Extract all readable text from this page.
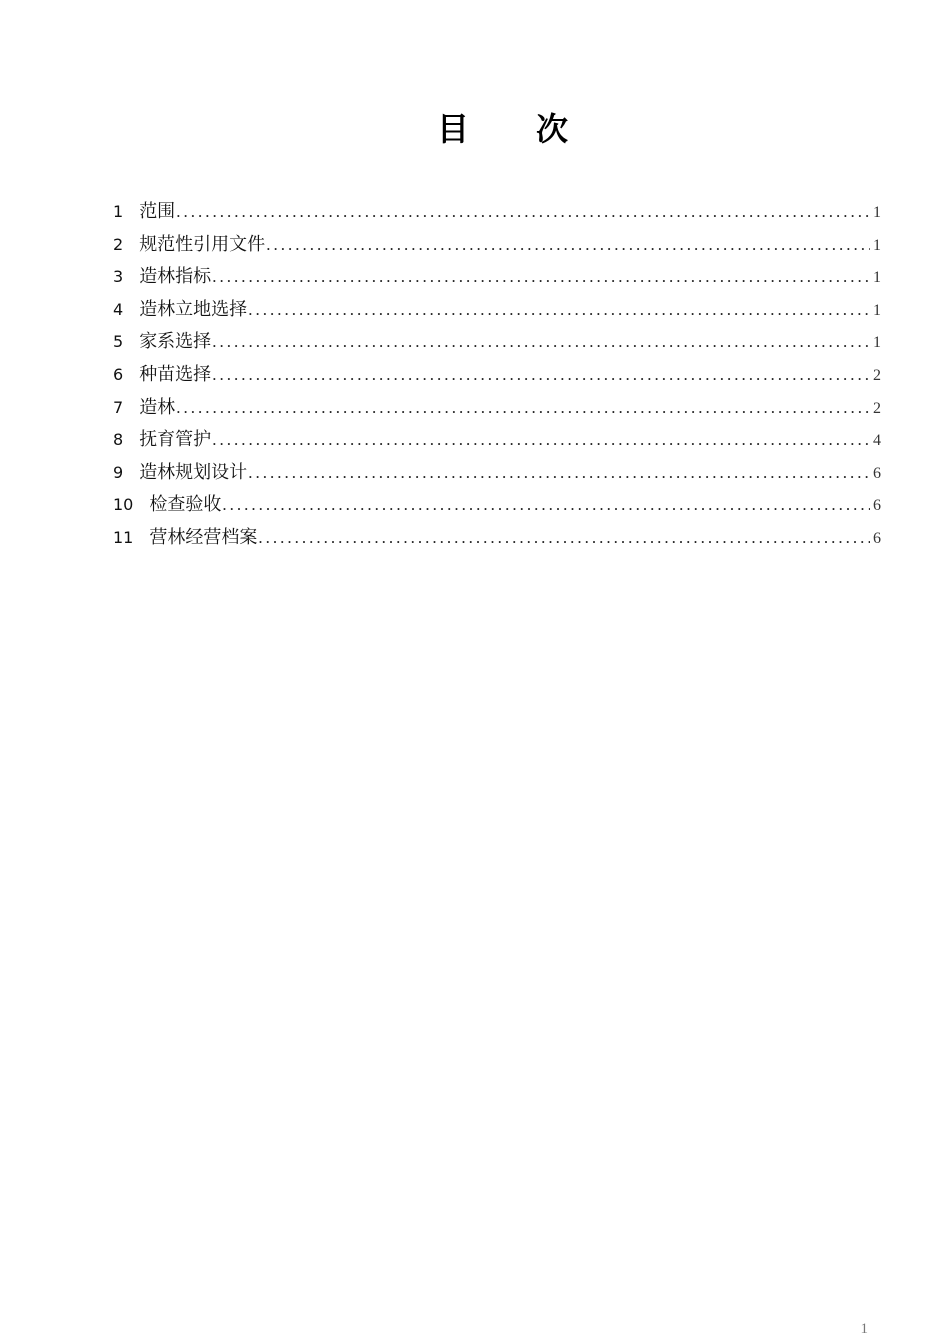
目　　次
1 范围 .....	1
2 规范性引用文件 .....	1
3 造林指标 .....	1
4 造林立地选择 .....	1
5 家系选择 .....	1
6 种苗选择 .....	2
7 造林 .....	2
8 抚育管护 .....	4
9 造林规划设计 .....	6
10 检查验收 .....	6
11 营林经营档案 .....	6
1
